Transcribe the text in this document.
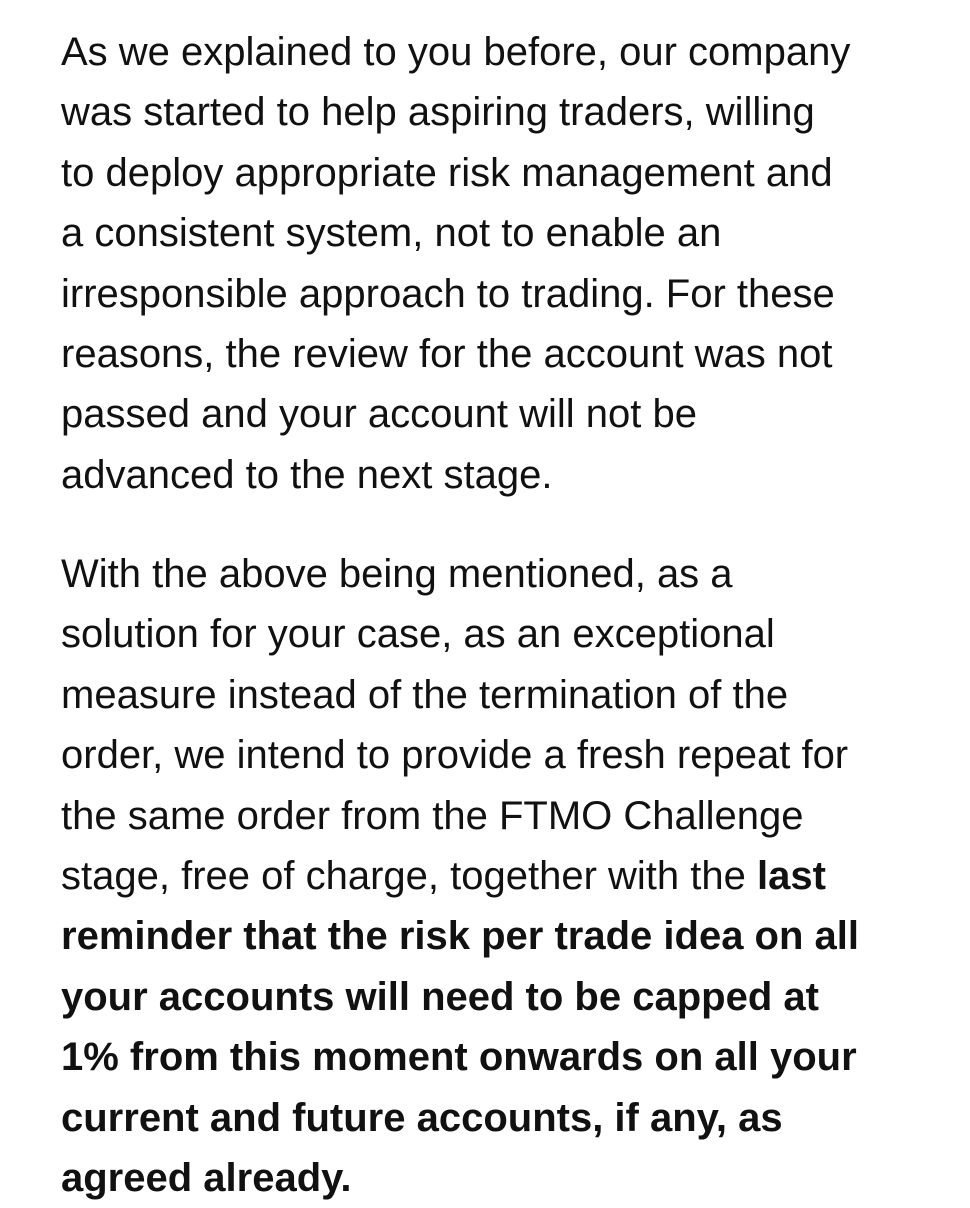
As we explained to you before, our company
was started to help aspiring traders, willing
to deploy appropriate risk management and
a consistent system, not to enable an
irresponsible approach to trading. For these
reasons, the review for the account was not
passed and your account will not be
advanced to the next stage.

With the above being mentioned, as a
solution for your case, as an exceptional
measure instead of the termination of the
order, we intend to provide a fresh repeat for
the same order from the FTMO Challenge
stage, free of charge, together with the last
reminder that the risk per trade idea on all
your accounts will need to be capped at
1% from this moment onwards on all your
current and future accounts, if any, as
agreed already.
